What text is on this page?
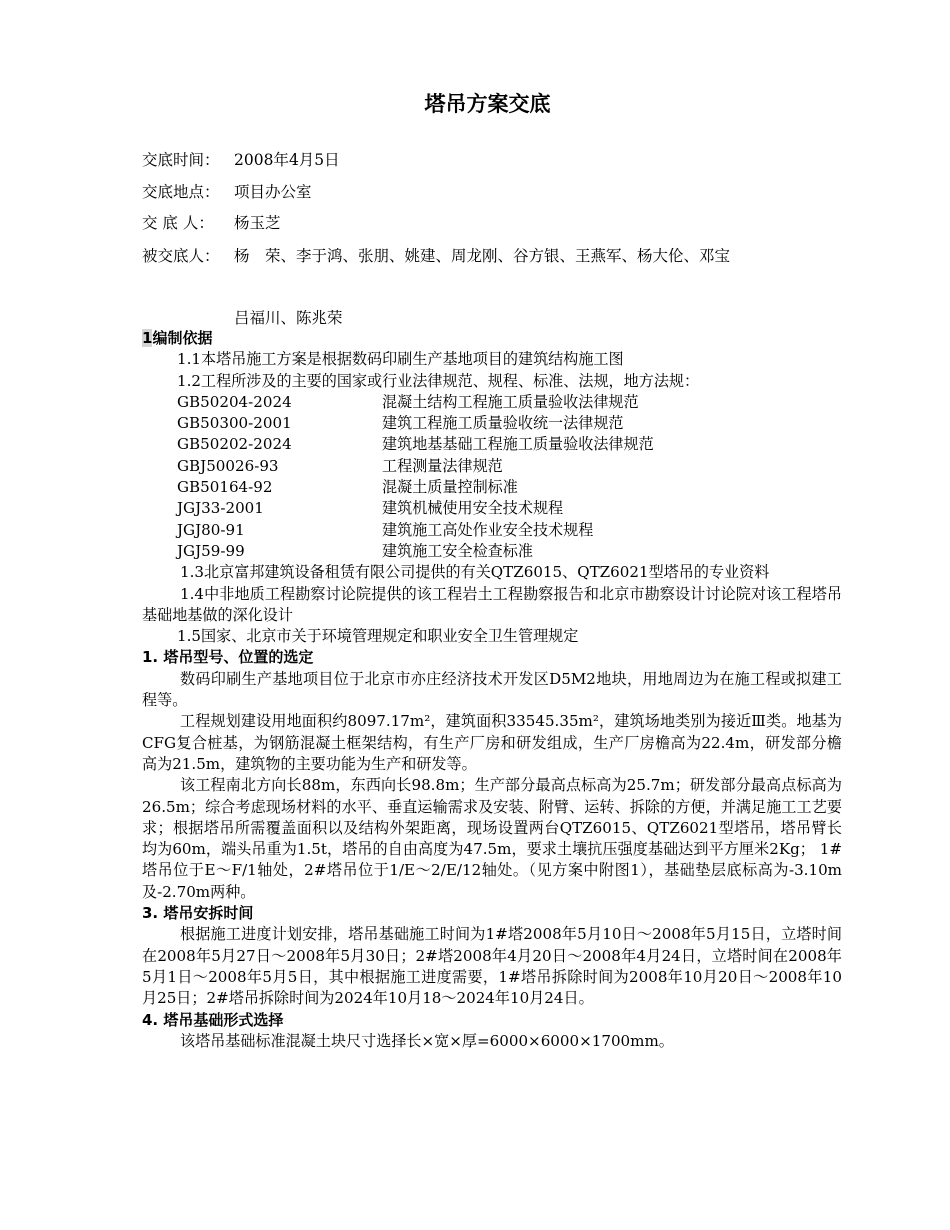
塔吊方案交底
交底时间： 2008年4月5日
交底地点： 项目办公室
交 底 人： 杨玉芝
被交底人： 杨　荣、李于鸿、张朋、姚建、周龙刚、谷方银、王燕军、杨大伦、邓宝
吕福川、陈兆荣

1编制依据

1.1本塔吊施工方案是根据数码印刷生产基地项目的建筑结构施工图

1.2工程所涉及的主要的国家或行业法律规范、规程、标准、法规，地方法规：

GB50204-2024	混凝土结构工程施工质量验收法律规范
GB50300-2001	建筑工程施工质量验收统一法律规范
GB50202-2024	建筑地基基础工程施工质量验收法律规范
GBJ50026-93	工程测量法律规范
GB50164-92	混凝土质量控制标准
JGJ33-2001	建筑机械使用安全技术规程
JGJ80-91	建筑施工高处作业安全技术规程
JGJ59-99	建筑施工安全检查标准

1.3北京富邦建筑设备租赁有限公司提供的有关QTZ6015、QTZ6021型塔吊的专业资料

1.4中非地质工程勘察讨论院提供的该工程岩土工程勘察报告和北京市勘察设计讨论院对该工程塔吊基础地基做的深化设计

1.5国家、北京市关于环境管理规定和职业安全卫生管理规定

1. 塔吊型号、位置的选定

数码印刷生产基地项目位于北京市亦庄经济技术开发区D5M2地块，用地周边为在施工程或拟建工程等。

工程规划建设用地面积约8097.17m²，建筑面积33545.35m²，建筑场地类别为接近Ⅲ类。地基为CFG复合桩基，为钢筋混凝土框架结构，有生产厂房和研发组成，生产厂房檐高为22.4m，研发部分檐高为21.5m，建筑物的主要功能为生产和研发等。

该工程南北方向长88m，东西向长98.8m；生产部分最高点标高为25.7m；研发部分最高点标高为26.5m；综合考虑现场材料的水平、垂直运输需求及安装、附臂、运转、拆除的方便，并满足施工工艺要求；根据塔吊所需覆盖面积以及结构外架距离，现场设置两台QTZ6015、QTZ6021型塔吊，塔吊臂长均为60m，端头吊重为1.5t，塔吊的自由高度为47.5m，要求土壤抗压强度基础达到平方厘米2Kg； 1#塔吊位于E～F/1轴处，2#塔吊位于1/E～2/E/12轴处。（见方案中附图1），基础垫层底标高为-3.10m及-2.70m两种。

3. 塔吊安拆时间

根据施工进度计划安排，塔吊基础施工时间为1#塔2008年5月10日～2008年5月15日，立塔时间在2008年5月27日～2008年5月30日；2#塔2008年4月20日～2008年4月24日，立塔时间在2008年5月1日～2008年5月5日，其中根据施工进度需要，1#塔吊拆除时间为2008年10月20日～2008年10月25日；2#塔吊拆除时间为2024年10月18～2024年10月24日。

4. 塔吊基础形式选择

该塔吊基础标准混凝土块尺寸选择长×宽×厚=6000×6000×1700mm。
